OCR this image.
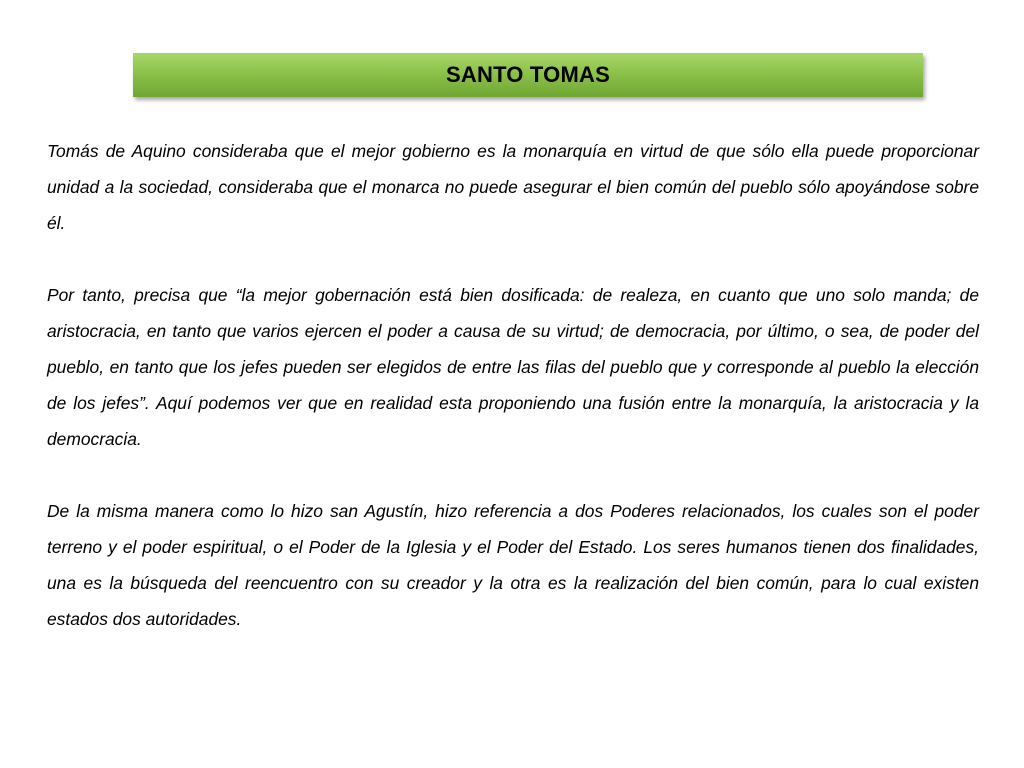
SANTO TOMAS

Tomás de Aquino consideraba que el mejor gobierno es la monarquía en virtud de que sólo ella puede proporcionar unidad a la sociedad, consideraba que el monarca no puede asegurar el bien común del pueblo sólo apoyándose sobre él.

Por tanto, precisa que “la mejor gobernación está bien dosificada: de realeza, en cuanto que uno solo manda; de aristocracia, en tanto que varios ejercen el poder a causa de su virtud; de democracia, por último, o sea, de poder del pueblo, en tanto que los jefes pueden ser elegidos de entre las filas del pueblo que y corresponde al pueblo la elección de los jefes”. Aquí podemos ver que en realidad esta proponiendo una fusión entre la monarquía, la aristocracia y la democracia.

De la misma manera como lo hizo san Agustín, hizo referencia a dos Poderes relacionados, los cuales son el poder terreno y el poder espiritual, o el Poder de la Iglesia y el Poder del Estado. Los seres humanos tienen dos finalidades, una es la búsqueda del reencuentro con su creador y la otra es la realización del bien común, para lo cual existen estados dos autoridades.
